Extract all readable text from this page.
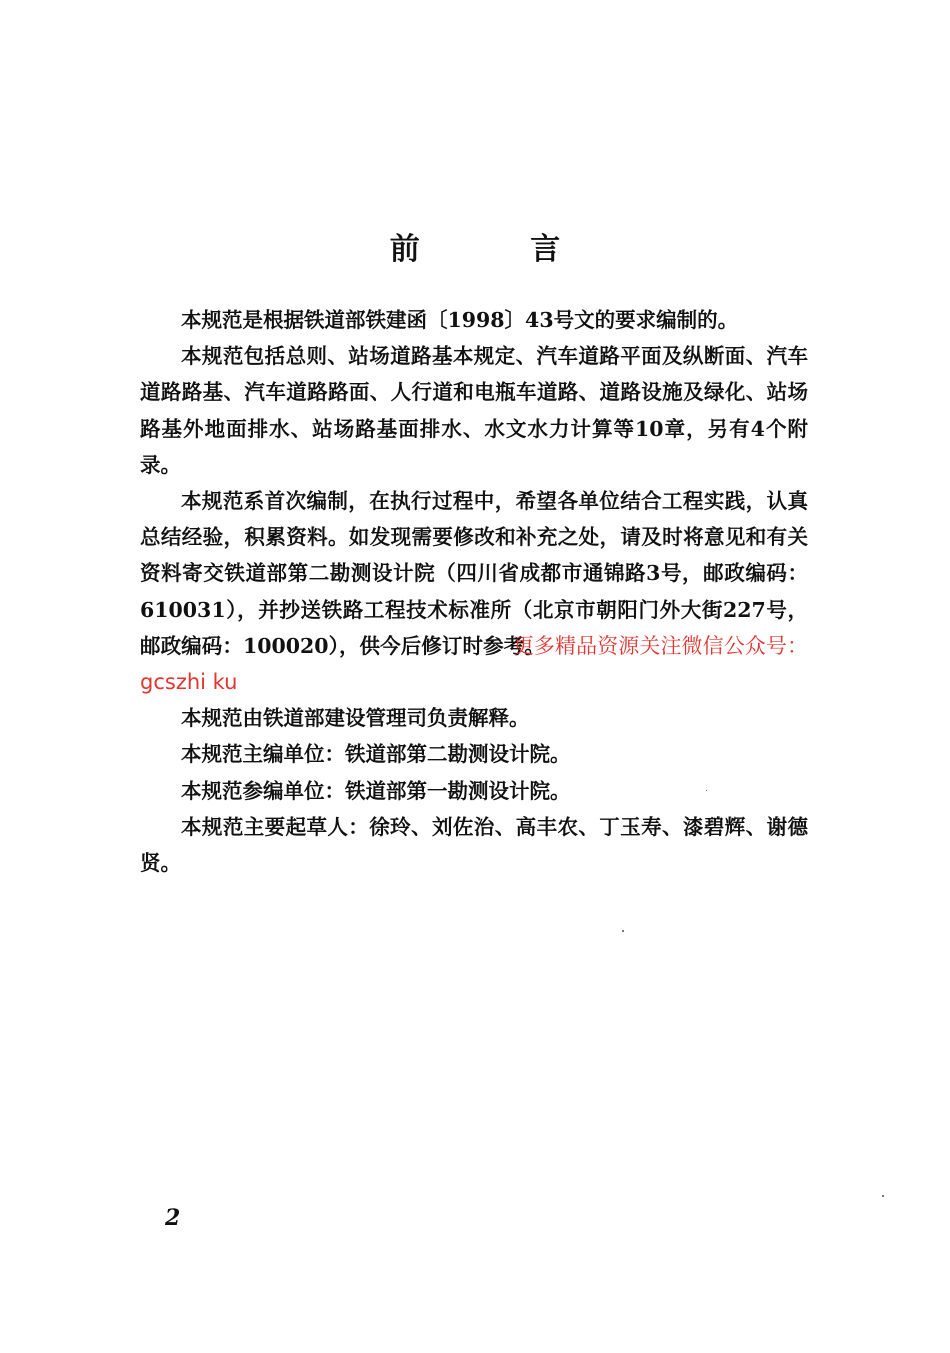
前 言

本规范是根据铁道部铁建函〔1998〕43号文的要求编制的。

本规范包括总则、站场道路基本规定、汽车道路平面及纵断面、汽车道路路基、汽车道路路面、人行道和电瓶车道路、道路设施及绿化、站场路基外地面排水、站场路基面排水、水文水力计算等10章，另有4个附录。

本规范系首次编制，在执行过程中，希望各单位结合工程实践，认真总结经验，积累资料。如发现需要修改和补充之处，请及时将意见和有关资料寄交铁道部第二勘测设计院（四川省成都市通锦路3号，邮政编码：610031），并抄送铁路工程技术标准所（北京市朝阳门外大街227号，邮政编码：100020），供今后修订时参考。更多精品资源关注微信公众号：gcszhi ku

本规范由铁道部建设管理司负责解释。

本规范主编单位：铁道部第二勘测设计院。

本规范参编单位：铁道部第一勘测设计院。

本规范主要起草人：徐玲、刘佐治、高丰农、丁玉寿、漆碧辉、谢德贤。

2
